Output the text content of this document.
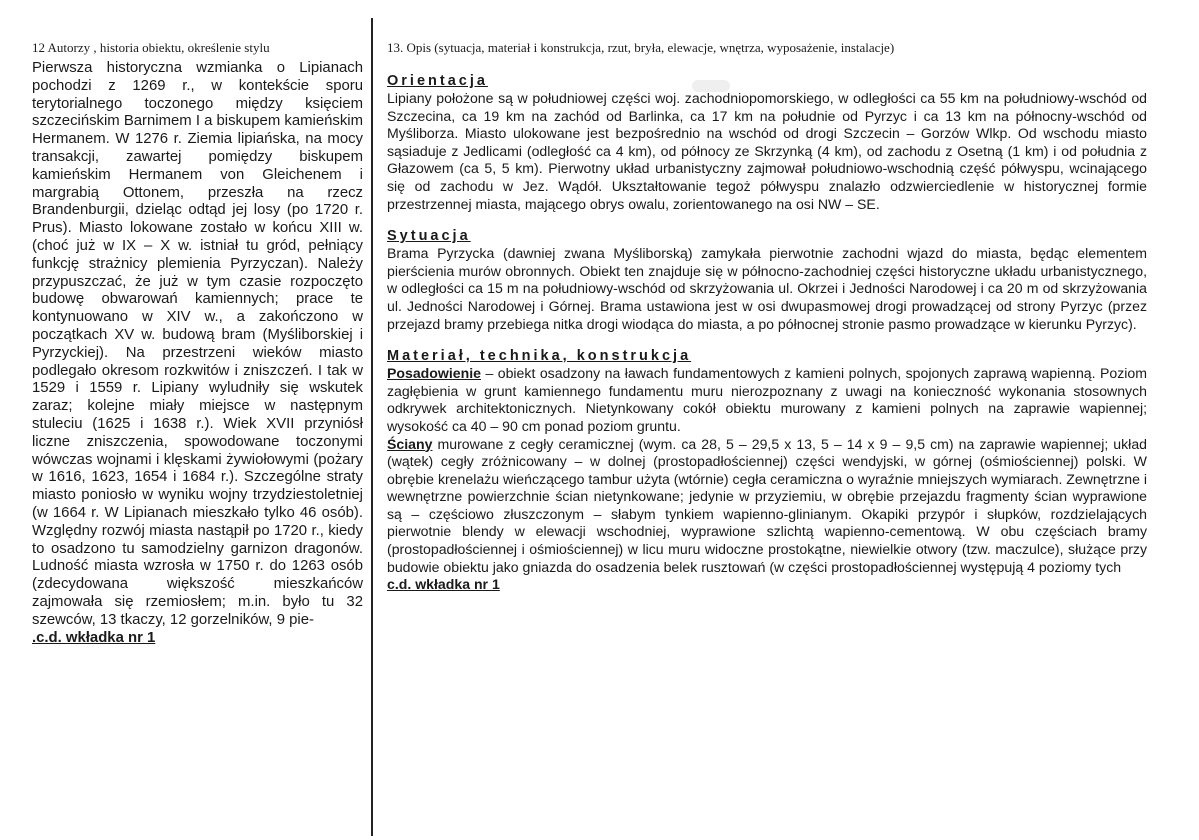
12 Autorzy , historia obiektu, określenie stylu

Pierwsza historyczna wzmianka o Lipianach pochodzi z 1269 r., w kontekście sporu terytorialnego toczonego między księciem szczecińskim Barnimem I a biskupem kamieńskim Hermanem. W 1276 r. Ziemia lipiańska, na mocy transakcji, zawartej pomiędzy biskupem kamieńskim Hermanem von Gleichenem i margrabią Ottonem, przeszła na rzecz Brandenburgii, dzieląc odtąd jej losy (po 1720 r. Prus). Miasto lokowane zostało w końcu XIII w. (choć już w IX – X w. istniał tu gród, pełniący funkcję strażnicy plemienia Pyrzyczan). Należy przypuszczać, że już w tym czasie rozpoczęto budowę obwarowań kamiennych; prace te kontynuowano w XIV w., a zakończono w początkach XV w. budową bram (Myśliborskiej i Pyrzyckiej). Na przestrzeni wieków miasto podlegało okresom rozkwitów i zniszczeń. I tak w 1529 i 1559 r. Lipiany wyludniły się wskutek zaraz; kolejne miały miejsce w następnym stuleciu (1625 i 1638 r.). Wiek XVII przyniósł liczne zniszczenia, spowodowane toczonymi wówczas wojnami i klęskami żywiołowymi (pożary w 1616, 1623, 1654 i 1684 r.). Szczególne straty miasto poniosło w wyniku wojny trzydziestoletniej (w 1664 r. W Lipianach mieszkało tylko 46 osób). Względny rozwój miasta nastąpił po 1720 r., kiedy to osadzono tu samodzielny garnizon dragonów. Ludność miasta wzrosła w 1750 r. do 1263 osób (zdecydowana większość mieszkańców zajmowała się rzemiosłem; m.in. było tu 32 szewców, 13 tkaczy, 12 gorzelników, 9 pie-

.c.d. wkładka nr 1

13. Opis (sytuacja, materiał i konstrukcja, rzut, bryła, elewacje, wnętrza, wyposażenie, instalacje)

Orientacja

Lipiany położone są w południowej części woj. zachodniopomorskiego, w odległości ca 55 km na południowy-wschód od Szczecina, ca 19 km na zachód od Barlinka, ca 17 km na południe od Pyrzyc i ca 13 km na północny-wschód od Myśliborza. Miasto ulokowane jest bezpośrednio na wschód od drogi Szczecin – Gorzów Wlkp. Od wschodu miasto sąsiaduje z Jedlicami (odległość ca 4 km), od północy ze Skrzynką (4 km), od zachodu z Osetną (1 km) i od południa z Głazowem (ca 5, 5 km). Pierwotny układ urbanistyczny zajmował południowo-wschodnią część półwyspu, wcinającego się od zachodu w Jez. Wądół. Ukształtowanie tegoż półwyspu znalazło odzwierciedlenie w historycznej formie przestrzennej miasta, mającego obrys owalu, zorientowanego na osi NW – SE.

Sytuacja

Brama Pyrzycka (dawniej zwana Myśliborską) zamykała pierwotnie zachodni wjazd do miasta, będąc elementem pierścienia murów obronnych. Obiekt ten znajduje się w północno-zachodniej części historyczne układu urbanistycznego, w odległości ca 15 m na południowy-wschód od skrzyżowania ul. Okrzei i Jedności Narodowej i ca 20 m od skrzyżowania ul. Jedności Narodowej i Górnej. Brama ustawiona jest w osi dwupasmowej drogi prowadzącej od strony Pyrzyc (przez przejazd bramy przebiega nitka drogi wiodąca do miasta, a po północnej stronie pasmo prowadzące w kierunku Pyrzyc).

Materiał, technika, konstrukcja

Posadowienie – obiekt osadzony na ławach fundamentowych z kamieni polnych, spojonych zaprawą wapienną. Poziom zagłębienia w grunt kamiennego fundamentu muru nierozpoznany z uwagi na konieczność wykonania stosownych odkrywek architektonicznych. Nietynkowany cokół obiektu murowany z kamieni polnych na zaprawie wapiennej; wysokość ca 40 – 90 cm ponad poziom gruntu.

Ściany murowane z cegły ceramicznej (wym. ca 28, 5 – 29,5 x 13, 5 – 14 x 9 – 9,5 cm) na zaprawie wapiennej; układ (wątek) cegły zróżnicowany – w dolnej (prostopadłościennej) części wendyjski, w górnej (ośmiościennej) polski. W obrębie krenelażu wieńczącego tambur użyta (wtórnie) cegła ceramiczna o wyraźnie mniejszych wymiarach. Zewnętrzne i wewnętrzne powierzchnie ścian nietynkowane; jedynie w przyziemiu, w obrębie przejazdu fragmenty ścian wyprawione są – częściowo złuszczonym – słabym tynkiem wapienno-glinianym. Okapiki przypór i słupków, rozdzielających pierwotnie blendy w elewacji wschodniej, wyprawione szlichtą wapienno-cementową. W obu częściach bramy (prostopadłościennej i ośmiościennej) w licu muru widoczne prostokątne, niewielkie otwory (tzw. maczulce), służące przy budowie obiektu jako gniazda do osadzenia belek rusztowań (w części prostopadłościennej występują 4 poziomy tych

c.d. wkładka nr 1
